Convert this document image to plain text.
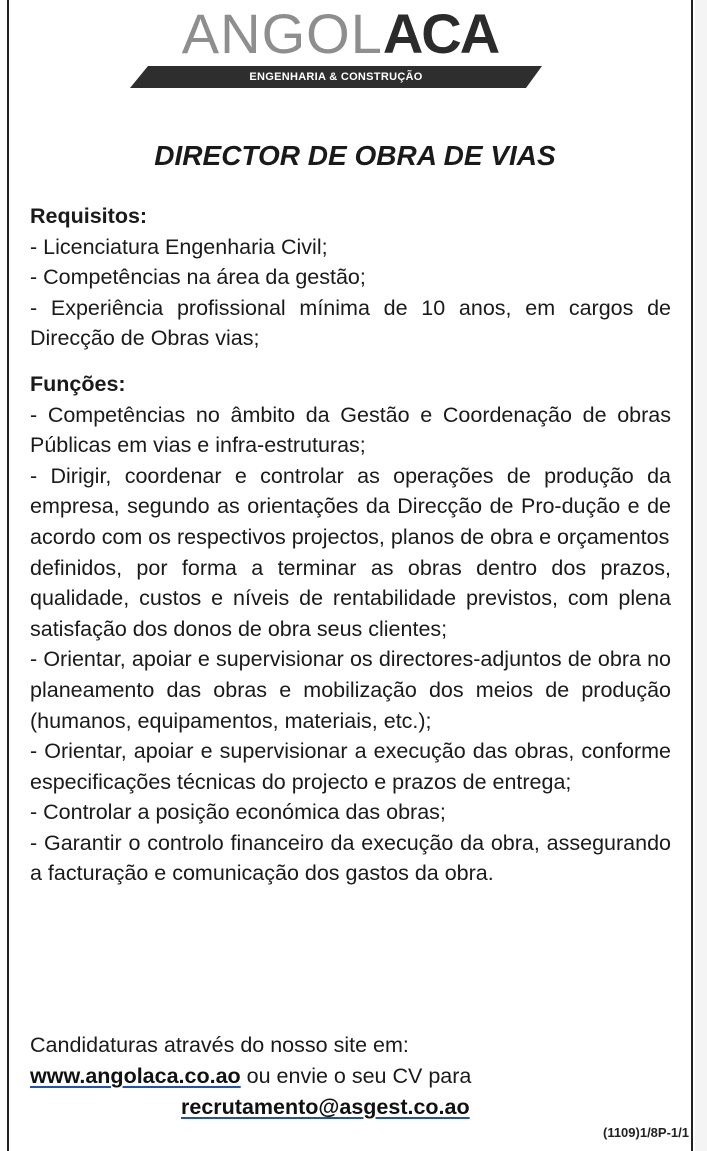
ANGOLACA
ENGENHARIA & CONSTRUÇÃO
DIRECTOR DE OBRA DE VIAS
Requisitos:
- Licenciatura Engenharia Civil;
- Competências na área da gestão;
- Experiência profissional mínima de 10 anos, em cargos de Direcção de Obras vias;
Funções:
- Competências no âmbito da Gestão e Coordenação de obras Públicas em vias e infra-estruturas;
- Dirigir, coordenar e controlar as operações de produção da empresa, segundo as orientações da Direcção de Pro-dução e de acordo com os respectivos projectos, planos de obra e orçamentos
definidos, por forma a terminar as obras dentro dos prazos, qualidade, custos e níveis de rentabilidade previstos, com plena satisfação dos donos de obra seus clientes;
- Orientar, apoiar e supervisionar os directores-adjuntos de obra no planeamento das obras e mobilização dos meios de produção (humanos, equipamentos, materiais, etc.);
- Orientar, apoiar e supervisionar a execução das obras, conforme especificações técnicas do projecto e prazos de entrega;
- Controlar a posição económica das obras;
- Garantir o controlo financeiro da execução da obra, assegurando a facturação e comunicação dos gastos da obra.
Candidaturas através do nosso site em:
www.angolaca.co.ao ou envie o seu CV para
recrutamento@asgest.co.ao
(1109)1/8P-1/1
